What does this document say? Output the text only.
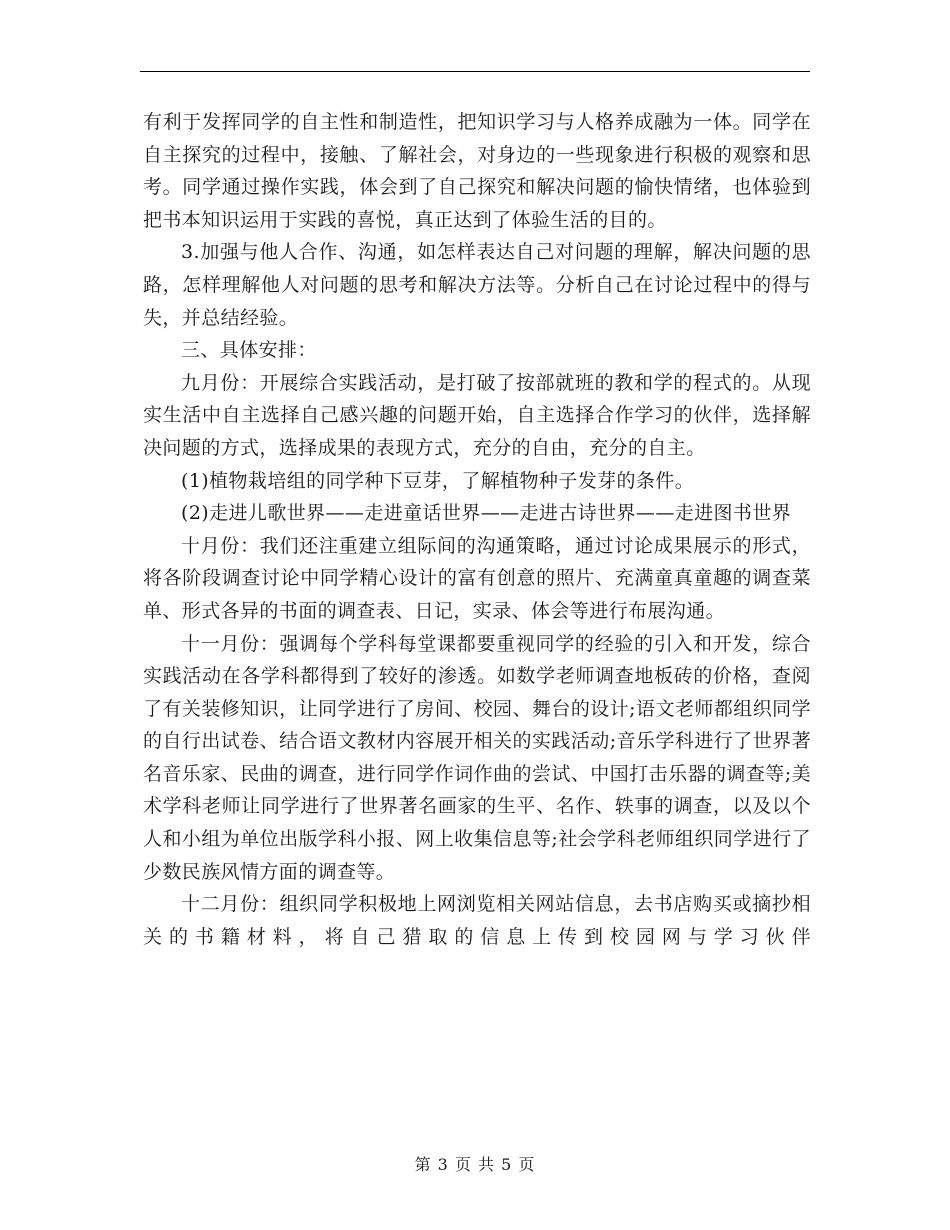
有利于发挥同学的自主性和制造性，把知识学习与人格养成融为一体。同学在自主探究的过程中，接触、了解社会，对身边的一些现象进行积极的观察和思考。同学通过操作实践，体会到了自己探究和解决问题的愉快情绪，也体验到把书本知识运用于实践的喜悦，真正达到了体验生活的目的。

3.加强与他人合作、沟通，如怎样表达自己对问题的理解，解决问题的思路，怎样理解他人对问题的思考和解决方法等。分析自己在讨论过程中的得与失，并总结经验。

三、具体安排：

九月份：开展综合实践活动，是打破了按部就班的教和学的程式的。从现实生活中自主选择自己感兴趣的问题开始，自主选择合作学习的伙伴，选择解决问题的方式，选择成果的表现方式，充分的自由，充分的自主。

(1)植物栽培组的同学种下豆芽，了解植物种子发芽的条件。

(2)走进儿歌世界——走进童话世界——走进古诗世界——走进图书世界

十月份：我们还注重建立组际间的沟通策略，通过讨论成果展示的形式，将各阶段调查讨论中同学精心设计的富有创意的照片、充满童真童趣的调查菜单、形式各异的书面的调查表、日记，实录、体会等进行布展沟通。

十一月份：强调每个学科每堂课都要重视同学的经验的引入和开发，综合实践活动在各学科都得到了较好的渗透。如数学老师调查地板砖的价格，查阅了有关装修知识，让同学进行了房间、校园、舞台的设计;语文老师都组织同学的自行出试卷、结合语文教材内容展开相关的实践活动;音乐学科进行了世界著名音乐家、民曲的调查，进行同学作词作曲的尝试、中国打击乐器的调查等;美术学科老师让同学进行了世界著名画家的生平、名作、轶事的调查，以及以个人和小组为单位出版学科小报、网上收集信息等;社会学科老师组织同学进行了少数民族风情方面的调查等。

十二月份：组织同学积极地上网浏览相关网站信息，去书店购买或摘抄相关的书籍材料，将自己猎取的信息上传到校园网与学习伙伴

第 3 页 共 5 页
